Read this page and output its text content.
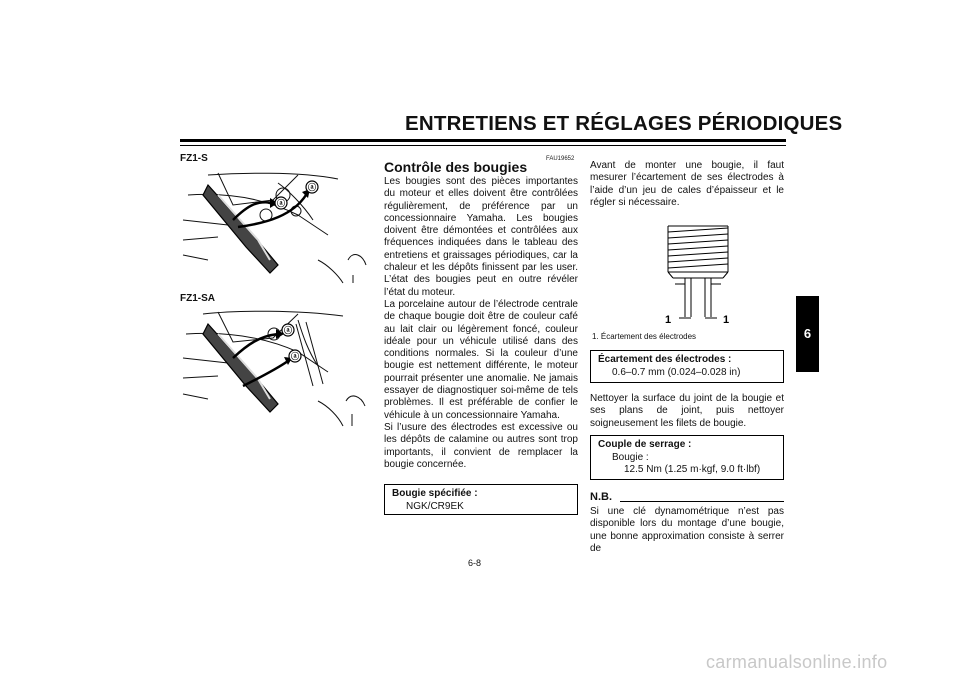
ENTRETIENS ET RÉGLAGES PÉRIODIQUES
6
FZ1-S
ⓐ
ⓐ
FZ1-SA
ⓐ
ⓐ
FAU19652
Contrôle des bougies
Les bougies sont des pièces importantes du moteur et elles doivent être contrôlées régulièrement, de préférence par un concessionnaire Yamaha. Les bougies doivent être démontées et contrôlées aux fréquences indiquées dans le tableau des entretiens et graissages périodiques, car la chaleur et les dépôts finissent par les user. L’état des bougies peut en outre révéler l’état du moteur.
La porcelaine autour de l’électrode centrale de chaque bougie doit être de couleur café au lait clair ou légèrement foncé, couleur idéale pour un véhicule utilisé dans des conditions normales. Si la couleur d’une bougie est nettement différente, le moteur pourrait présenter une anomalie. Ne jamais essayer de diagnostiquer soi-même de tels problèmes. Il est préférable de confier le véhicule à un concessionnaire Yamaha.
Si l’usure des électrodes est excessive ou les dépôts de calamine ou autres sont trop importants, il convient de remplacer la bougie concernée.
Bougie spécifiée :
NGK/CR9EK
Avant de monter une bougie, il faut mesurer l’écartement de ses électrodes à l’aide d’un jeu de cales d’épaisseur et le régler si nécessaire.
1	1
1. Écartement des électrodes
Écartement des électrodes :
0.6–0.7 mm (0.024–0.028 in)
Nettoyer la surface du joint de la bougie et ses plans de joint, puis nettoyer soigneusement les filets de bougie.
Couple de serrage :
Bougie :
12.5 Nm (1.25 m·kgf, 9.0 ft·lbf)
N.B.
Si une clé dynamométrique n’est pas disponible lors du montage d’une bougie, une bonne approximation consiste à serrer de
6-8
carmanualsonline.info
